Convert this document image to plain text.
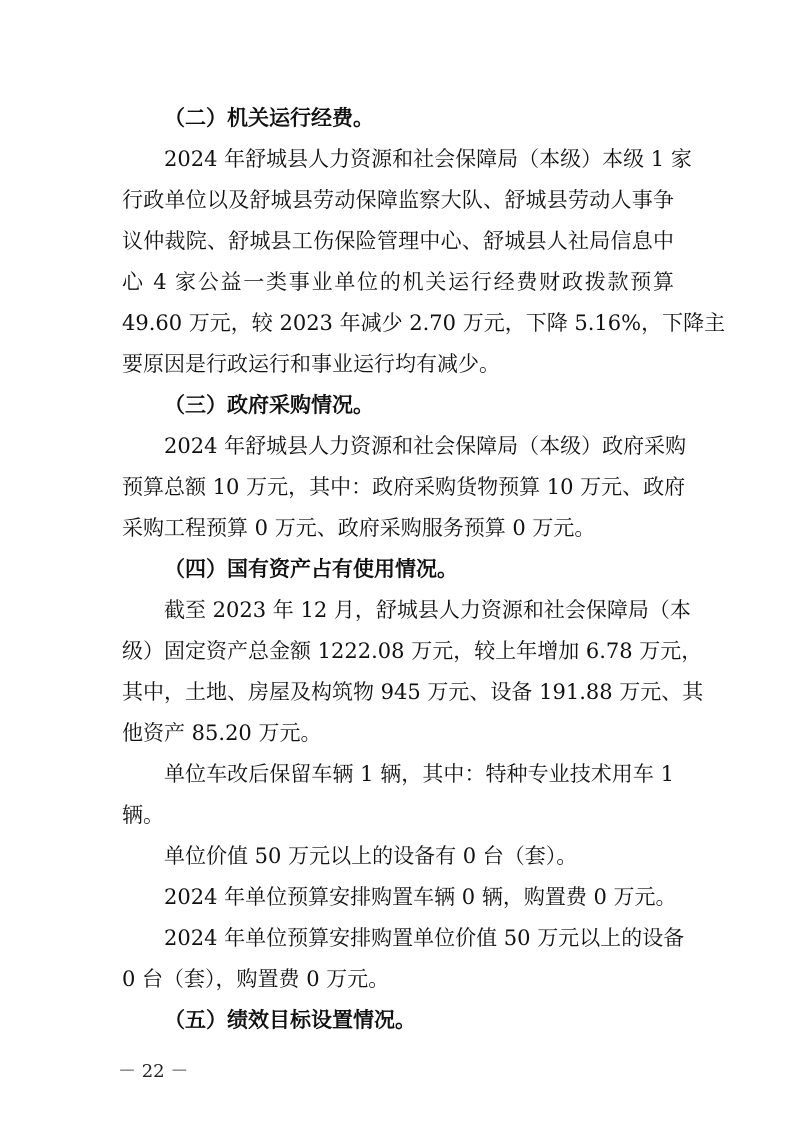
（二）机关运行经费。
2024 年舒城县人力资源和社会保障局（本级）本级 1 家
行政单位以及舒城县劳动保障监察大队、舒城县劳动人事争
议仲裁院、舒城县工伤保险管理中心、舒城县人社局信息中
心 4 家公益一类事业单位的机关运行经费财政拨款预算
49.60 万元，较 2023 年减少 2.70 万元，下降 5.16%，下降主
要原因是行政运行和事业运行均有减少。
（三）政府采购情况。
2024 年舒城县人力资源和社会保障局（本级）政府采购
预算总额 10 万元，其中：政府采购货物预算 10 万元、政府
采购工程预算 0 万元、政府采购服务预算 0 万元。
（四）国有资产占有使用情况。
截至 2023 年 12 月，舒城县人力资源和社会保障局（本
级）固定资产总金额 1222.08 万元，较上年增加 6.78 万元，
其中，土地、房屋及构筑物 945 万元、设备 191.88 万元、其
他资产 85.20 万元。
单位车改后保留车辆 1 辆，其中：特种专业技术用车 1
辆。
单位价值 50 万元以上的设备有 0 台（套）。
2024 年单位预算安排购置车辆 0 辆，购置费 0 万元。
2024 年单位预算安排购置单位价值 50 万元以上的设备
0 台（套），购置费 0 万元。
（五）绩效目标设置情况。
－ 22 －
